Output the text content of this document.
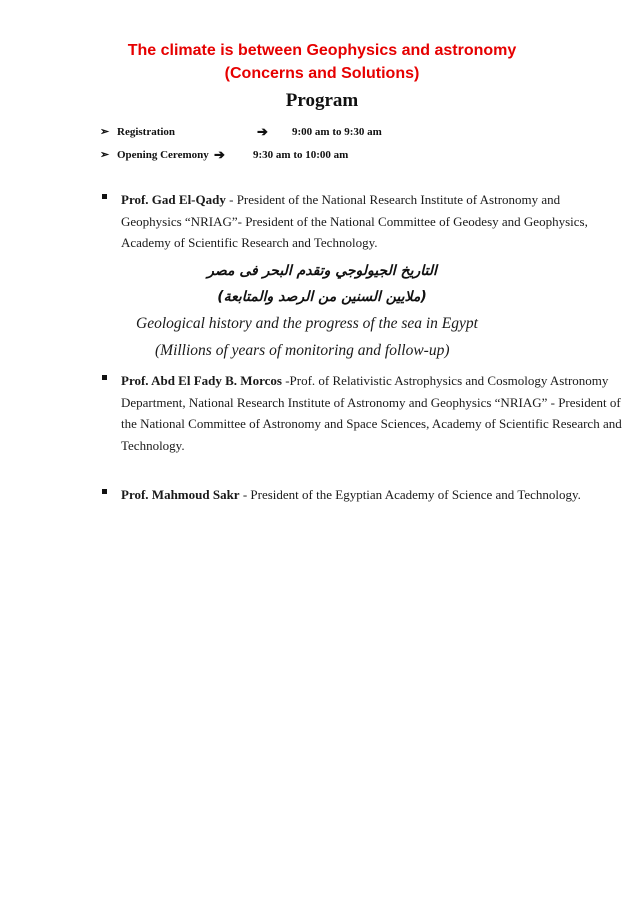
The climate is between Geophysics and astronomy
(Concerns and Solutions)
Program
➢ Registration	➔ 9:00 am to 9:30 am
➢ Opening Ceremony ➔	9:30 am to 10:00 am
Prof. Gad El-Qady - President of the National Research Institute of Astronomy and Geophysics “NRIAG”- President of the National Committee of Geodesy and Geophysics, Academy of Scientific Research and Technology.
التاريخ الجيولوجي وتقدم البحر فى مصر
(ملايين السنين من الرصد والمتابعة)
Geological history and the progress of the sea in Egypt
(Millions of years of monitoring and follow-up)
Prof. Abd El Fady B. Morcos -Prof. of Relativistic Astrophysics and Cosmology Astronomy Department, National Research Institute of Astronomy and Geophysics “NRIAG” - President of the National Committee of Astronomy and Space Sciences, Academy of Scientific Research and Technology.
Prof. Mahmoud Sakr - President of the Egyptian Academy of Science and Technology.
